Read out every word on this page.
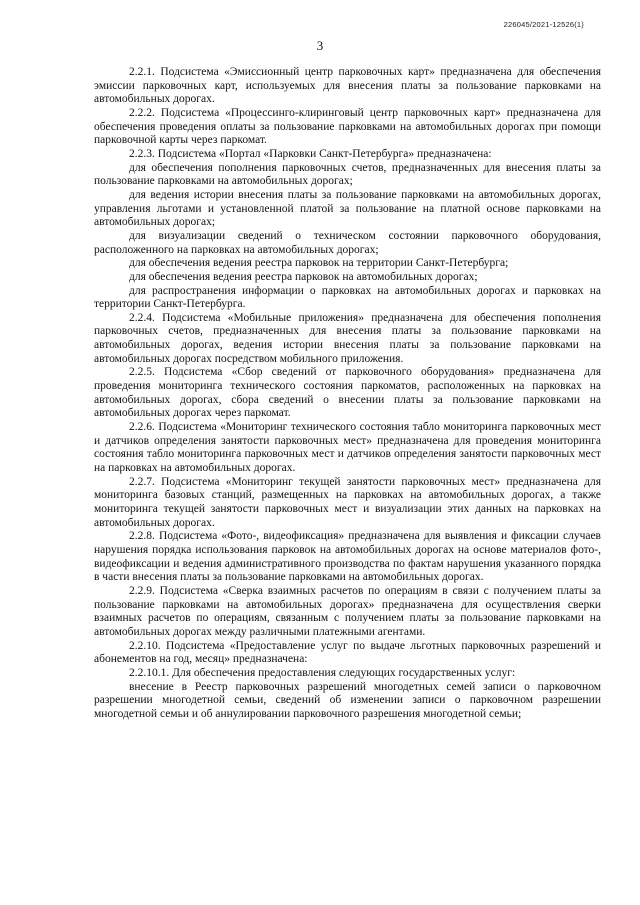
226045/2021-12526(1)
3

2.2.1. Подсистема «Эмиссионный центр парковочных карт» предназначена для обеспечения эмиссии парковочных карт, используемых для внесения платы за пользование парковками на автомобильных дорогах.

2.2.2. Подсистема «Процессинго-клиринговый центр парковочных карт» предназначена для обеспечения проведения оплаты за пользование парковками на автомобильных дорогах при помощи парковочной карты через паркомат.

2.2.3. Подсистема «Портал «Парковки Санкт-Петербурга» предназначена:

для обеспечения пополнения парковочных счетов, предназначенных для внесения платы за пользование парковками на автомобильных дорогах;

для ведения истории внесения платы за пользование парковками на автомобильных дорогах, управления льготами и установленной платой за пользование на платной основе парковками на автомобильных дорогах;

для визуализации сведений о техническом состоянии парковочного оборудования, расположенного на парковках на автомобильных дорогах;

для обеспечения ведения реестра парковок на территории Санкт-Петербурга;

для обеспечения ведения реестра парковок на автомобильных дорогах;

для распространения информации о парковках на автомобильных дорогах и парковках на территории Санкт-Петербурга.

2.2.4. Подсистема «Мобильные приложения» предназначена для обеспечения пополнения парковочных счетов, предназначенных для внесения платы за пользование парковками на автомобильных дорогах, ведения истории внесения платы за пользование парковками на автомобильных дорогах посредством мобильного приложения.

2.2.5. Подсистема «Сбор сведений от парковочного оборудования» предназначена для проведения мониторинга технического состояния паркоматов, расположенных на парковках на автомобильных дорогах, сбора сведений о внесении платы за пользование парковками на автомобильных дорогах через паркомат.

2.2.6. Подсистема «Мониторинг технического состояния табло мониторинга парковочных мест и датчиков определения занятости парковочных мест» предназначена для проведения мониторинга состояния табло мониторинга парковочных мест и датчиков определения занятости парковочных мест на парковках на автомобильных дорогах.

2.2.7. Подсистема «Мониторинг текущей занятости парковочных мест» предназначена для мониторинга базовых станций, размещенных на парковках на автомобильных дорогах, а также мониторинга текущей занятости парковочных мест и визуализации этих данных на парковках на автомобильных дорогах.

2.2.8. Подсистема «Фото-, видеофиксация» предназначена для выявления и фиксации случаев нарушения порядка использования парковок на автомобильных дорогах на основе материалов фото-, видеофиксации и ведения административного производства по фактам нарушения указанного порядка в части внесения платы за пользование парковками на автомобильных дорогах.

2.2.9. Подсистема «Сверка взаимных расчетов по операциям в связи с получением платы за пользование парковками на автомобильных дорогах» предназначена для осуществления сверки взаимных расчетов по операциям, связанным с получением платы за пользование парковками на автомобильных дорогах между различными платежными агентами.

2.2.10. Подсистема «Предоставление услуг по выдаче льготных парковочных разрешений и абонементов на год, месяц» предназначена:

2.2.10.1. Для обеспечения предоставления следующих государственных услуг:

внесение в Реестр парковочных разрешений многодетных семей записи о парковочном разрешении многодетной семьи, сведений об изменении записи о парковочном разрешении многодетной семьи и об аннулировании парковочного разрешения многодетной семьи;
